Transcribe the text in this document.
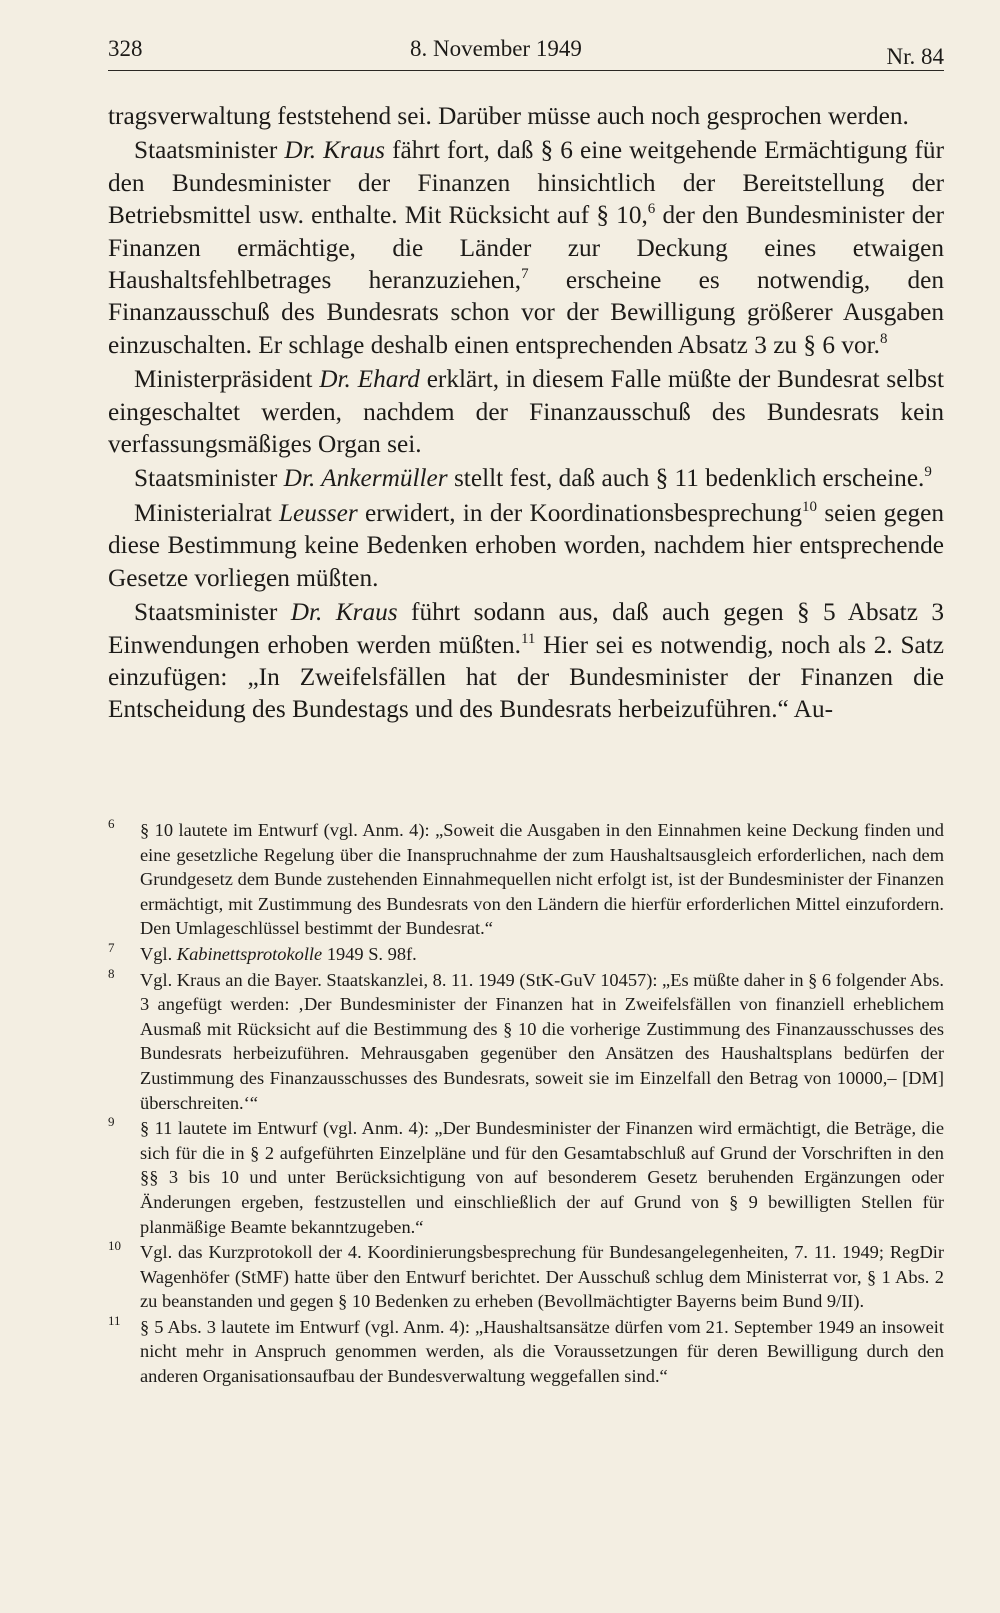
328	8. November 1949	Nr. 84

tragsverwaltung feststehend sei. Darüber müsse auch noch gesprochen werden.

Staatsminister Dr. Kraus fährt fort, daß § 6 eine weitgehende Ermächtigung für den Bundesminister der Finanzen hinsichtlich der Bereitstellung der Betriebsmittel usw. enthalte. Mit Rücksicht auf § 10,$^6$ der den Bundesminister der Finanzen ermächtige, die Länder zur Deckung eines etwaigen Haushaltsfehlbetrages heranzuziehen,$^7$ erscheine es notwendig, den Finanzausschuß des Bundesrats schon vor der Bewilligung größerer Ausgaben einzuschalten. Er schlage deshalb einen entsprechenden Absatz 3 zu § 6 vor.$^8$

Ministerpräsident Dr. Ehard erklärt, in diesem Falle müßte der Bundesrat selbst eingeschaltet werden, nachdem der Finanzausschuß des Bundesrats kein verfassungsmäßiges Organ sei.

Staatsminister Dr. Ankermüller stellt fest, daß auch § 11 bedenklich erscheine.$^9$

Ministerialrat Leusser erwidert, in der Koordinationsbesprechung$^{10}$ seien gegen diese Bestimmung keine Bedenken erhoben worden, nachdem hier entsprechende Gesetze vorliegen müßten.

Staatsminister Dr. Kraus führt sodann aus, daß auch gegen § 5 Absatz 3 Einwendungen erhoben werden müßten.$^{11}$ Hier sei es notwendig, noch als 2. Satz einzufügen: „In Zweifelsfällen hat der Bundesminister der Finanzen die Entscheidung des Bundestags und des Bundesrats herbeizuführen.“ Au-

6 § 10 lautete im Entwurf (vgl. Anm. 4): „Soweit die Ausgaben in den Einnahmen keine Deckung finden und eine gesetzliche Regelung über die Inanspruchnahme der zum Haushaltsausgleich erforderlichen, nach dem Grundgesetz dem Bunde zustehenden Einnahmequellen nicht erfolgt ist, ist der Bundesminister der Finanzen ermächtigt, mit Zustimmung des Bundesrats von den Ländern die hierfür erforderlichen Mittel einzufordern. Den Umlageschlüssel bestimmt der Bundesrat.“
7 Vgl. Kabinettsprotokolle 1949 S. 98f.
8 Vgl. Kraus an die Bayer. Staatskanzlei, 8. 11. 1949 (StK-GuV 10457): „Es müßte daher in § 6 folgender Abs. 3 angefügt werden: ‚Der Bundesminister der Finanzen hat in Zweifelsfällen von finanziell erheblichem Ausmaß mit Rücksicht auf die Bestimmung des § 10 die vorherige Zustimmung des Finanzausschusses des Bundesrats herbeizuführen. Mehrausgaben gegenüber den Ansätzen des Haushaltsplans bedürfen der Zustimmung des Finanzausschusses des Bundesrats, soweit sie im Einzelfall den Betrag von 10000,– [DM] überschreiten.‘“
9 § 11 lautete im Entwurf (vgl. Anm. 4): „Der Bundesminister der Finanzen wird ermächtigt, die Beträge, die sich für die in § 2 aufgeführten Einzelpläne und für den Gesamtabschluß auf Grund der Vorschriften in den §§ 3 bis 10 und unter Berücksichtigung von auf besonderem Gesetz beruhenden Ergänzungen oder Änderungen ergeben, festzustellen und einschließlich der auf Grund von § 9 bewilligten Stellen für planmäßige Beamte bekanntzugeben.“
10 Vgl. das Kurzprotokoll der 4. Koordinierungsbesprechung für Bundesangelegenheiten, 7. 11. 1949; RegDir Wagenhöfer (StMF) hatte über den Entwurf berichtet. Der Ausschuß schlug dem Ministerrat vor, § 1 Abs. 2 zu beanstanden und gegen § 10 Bedenken zu erheben (Bevollmächtigter Bayerns beim Bund 9/II).
11 § 5 Abs. 3 lautete im Entwurf (vgl. Anm. 4): „Haushaltsansätze dürfen vom 21. September 1949 an insoweit nicht mehr in Anspruch genommen werden, als die Voraussetzungen für deren Bewilligung durch den anderen Organisationsaufbau der Bundesverwaltung weggefallen sind.“
